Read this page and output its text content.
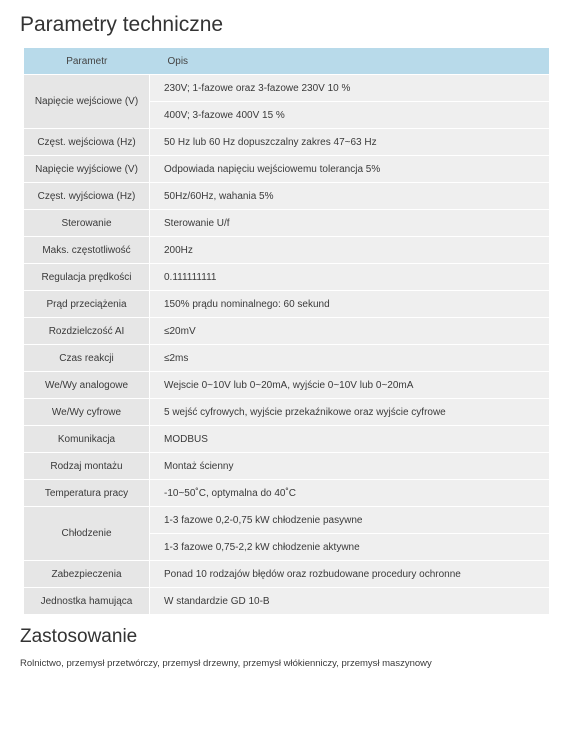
Parametry techniczne
Parametr	Opis
Napięcie wejściowe (V)	230V; 1-fazowe oraz 3-fazowe 230V 10 %
	400V; 3-fazowe 400V 15 %
Częst. wejściowa (Hz)	50 Hz lub 60 Hz dopuszczalny zakres 47~63 Hz
Napięcie wyjściowe (V)	Odpowiada napięciu wejściowemu tolerancja 5%
Częst. wyjściowa (Hz)	50Hz/60Hz, wahania 5%
Sterowanie	Sterowanie U/f
Maks. częstotliwość	200Hz
Regulacja prędkości	0.111111111
Prąd przeciążenia	150% prądu nominalnego: 60 sekund
Rozdzielczość AI	≤20mV
Czas reakcji	≤2ms
We/Wy analogowe	Wejscie 0~10V lub 0~20mA, wyjście 0~10V lub 0~20mA
We/Wy cyfrowe	5 wejść cyfrowych, wyjście przekaźnikowe oraz wyjście cyfrowe
Komunikacja	MODBUS
Rodzaj montażu	Montaż ścienny
Temperatura pracy	-10~50˚C, optymalna do 40˚C
Chłodzenie	1-3 fazowe 0,2-0,75 kW chłodzenie pasywne
	1-3 fazowe 0,75-2,2 kW chłodzenie aktywne
Zabezpieczenia	Ponad 10 rodzajów błędów oraz rozbudowane procedury ochronne
Jednostka hamująca	W standardzie GD 10-B
Zastosowanie
Rolnictwo, przemysł przetwórczy, przemysł drzewny, przemysł włókienniczy, przemysł maszynowy
